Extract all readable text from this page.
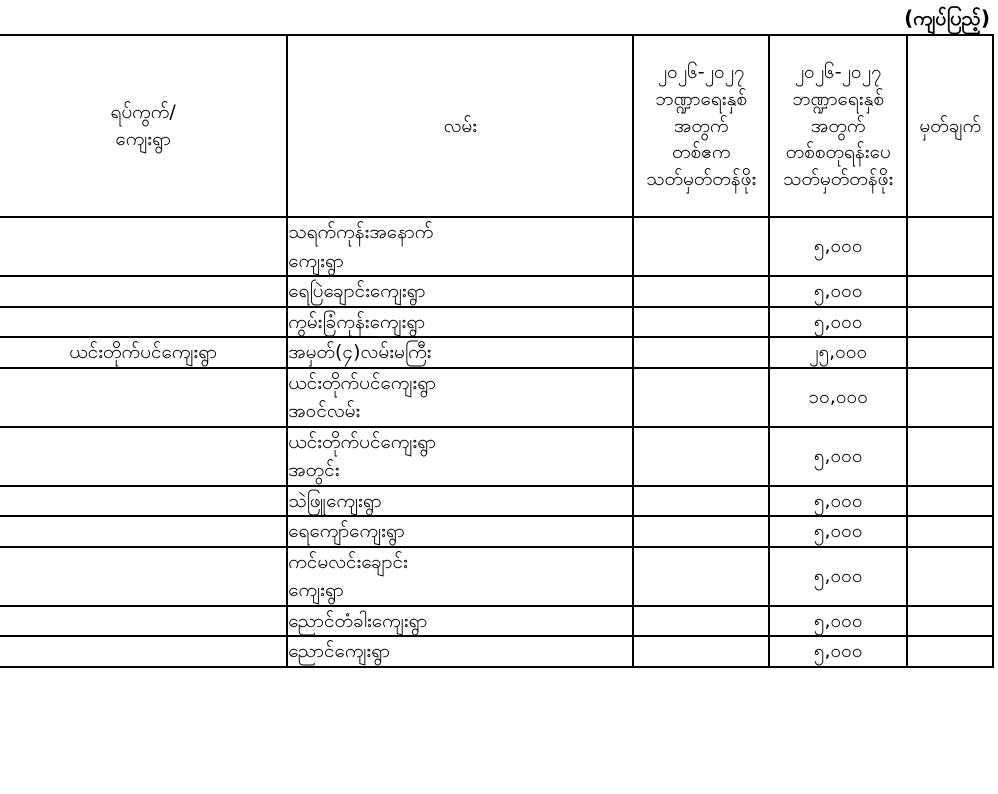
(ကျပ်ပြည့်)
ရပ်ကွက်/
ကျေးရွာ	လမ်း	၂၀၂၆-၂၀၂၇
ဘဏ္ဍာရေးနှစ်
အတွက်
တစ်ဧက
သတ်မှတ်တန်ဖိုး	၂၀၂၆-၂၀၂၇
ဘဏ္ဍာရေးနှစ်
အတွက်
တစ်စတုရန်းပေ
သတ်မှတ်တန်ဖိုး	မှတ်ချက်

	သရက်ကုန်းအနောက်
ကျေးရွာ		၅,၀၀၀	

	ရေပြဲချောင်းကျေးရွာ		၅,၀၀၀	

	ကွမ်းခြံကုန်းကျေးရွာ		၅,၀၀၀	
ယင်းတိုက်ပင်ကျေးရွာ	အမှတ်(၄)လမ်းမကြီး		၂၅,၀၀၀	

	ယင်းတိုက်ပင်ကျေးရွာ
အဝင်လမ်း		၁၀,၀၀၀	

	ယင်းတိုက်ပင်ကျေးရွာ
အတွင်း		၅,၀၀၀	

	သဲဖြူကျေးရွာ		၅,၀၀၀	

	ရေကျော်ကျေးရွာ		၅,၀၀၀	

	ကင်မလင်းချောင်း
ကျေးရွာ		၅,၀၀၀	

	ညောင်တံခါးကျေးရွာ		၅,၀၀၀	

	ညောင်ကျေးရွာ		၅,၀၀၀	
